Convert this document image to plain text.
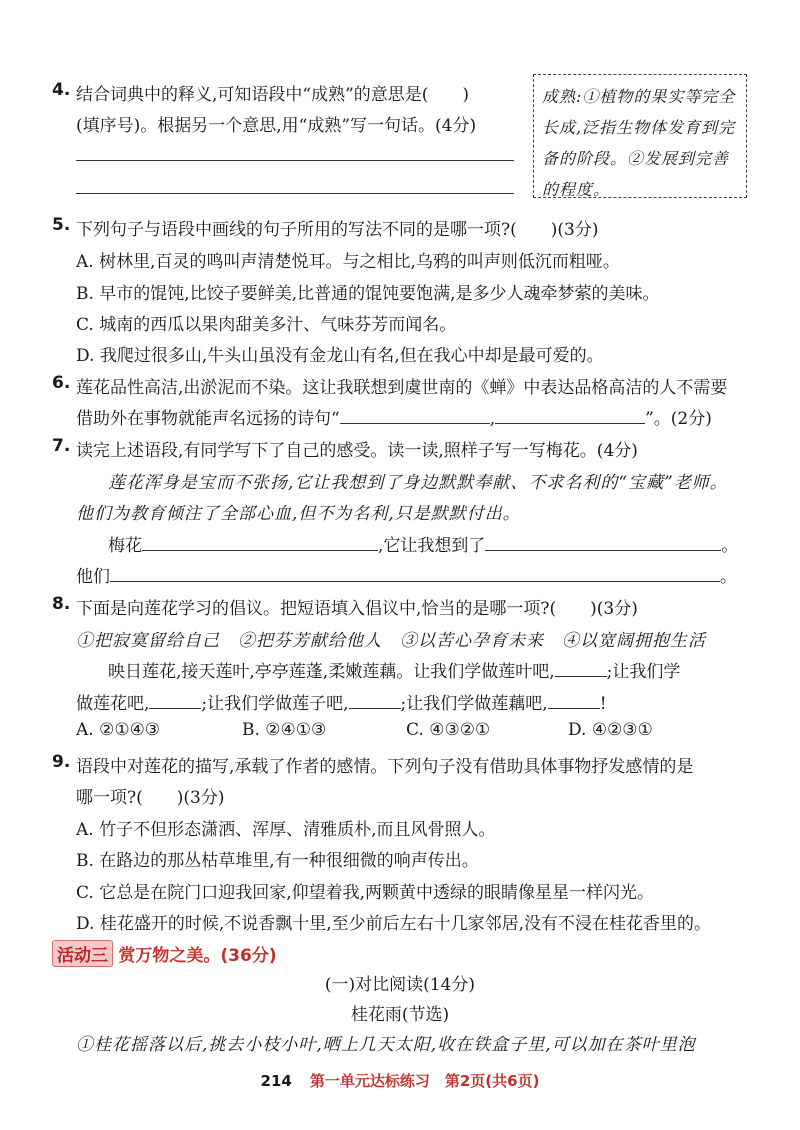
4. 结合词典中的释义,可知语段中“成熟”的意思是(　　)
(填序号)。根据另一个意思,用“成熟”写一句话。(4分)
成熟:①植物的果实等完全长成,泛指生物体发育到完备的阶段。②发展到完善的程度。
5. 下列句子与语段中画线的句子所用的写法不同的是哪一项?(　　)(3分)
A. 树林里,百灵的鸣叫声清楚悦耳。与之相比,乌鸦的叫声则低沉而粗哑。
B. 早市的馄饨,比饺子要鲜美,比普通的馄饨要饱满,是多少人魂牵梦萦的美味。
C. 城南的西瓜以果肉甜美多汁、气味芬芳而闻名。
D. 我爬过很多山,牛头山虽没有金龙山有名,但在我心中却是最可爱的。
6. 莲花品性高洁,出淤泥而不染。这让我联想到虞世南的《蝉》中表达品格高洁的人不需要
借助外在事物就能声名远扬的诗句“	,	”。(2分)
7. 读完上述语段,有同学写下了自己的感受。读一读,照样子写一写梅花。(4分)
莲花浑身是宝而不张扬,它让我想到了身边默默奉献、不求名利的“宝藏”老师。
他们为教育倾注了全部心血,但不为名利,只是默默付出。
梅花	,它让我想到了	。
他们	。
8. 下面是向莲花学习的倡议。把短语填入倡议中,恰当的是哪一项?(　　)(3分)
①把寂寞留给自己　②把芬芳献给他人　③以苦心孕育未来　④以宽阔拥抱生活
映日莲花,接天莲叶,亭亭莲蓬,柔嫩莲藕。让我们学做莲叶吧,	;让我们学
做莲花吧,	;让我们学做莲子吧,	;让我们学做莲藕吧,	!
A. ②①④③	B. ②④①③	C. ④③②①	D. ④②③①
9. 语段中对莲花的描写,承载了作者的感情。下列句子没有借助具体事物抒发感情的是
哪一项?(　　)(3分)
A. 竹子不但形态潇洒、浑厚、清雅质朴,而且风骨照人。
B. 在路边的那丛枯草堆里,有一种很细微的响声传出。
C. 它总是在院门口迎我回家,仰望着我,两颗黄中透绿的眼睛像星星一样闪光。
D. 桂花盛开的时候,不说香飘十里,至少前后左右十几家邻居,没有不浸在桂花香里的。
活动三 赏万物之美。(36分)
(一)对比阅读(14分)
桂花雨(节选)
①桂花摇落以后,挑去小枝小叶,晒上几天太阳,收在铁盒子里,可以加在茶叶里泡
214 第一单元达标练习　第2页(共6页)
